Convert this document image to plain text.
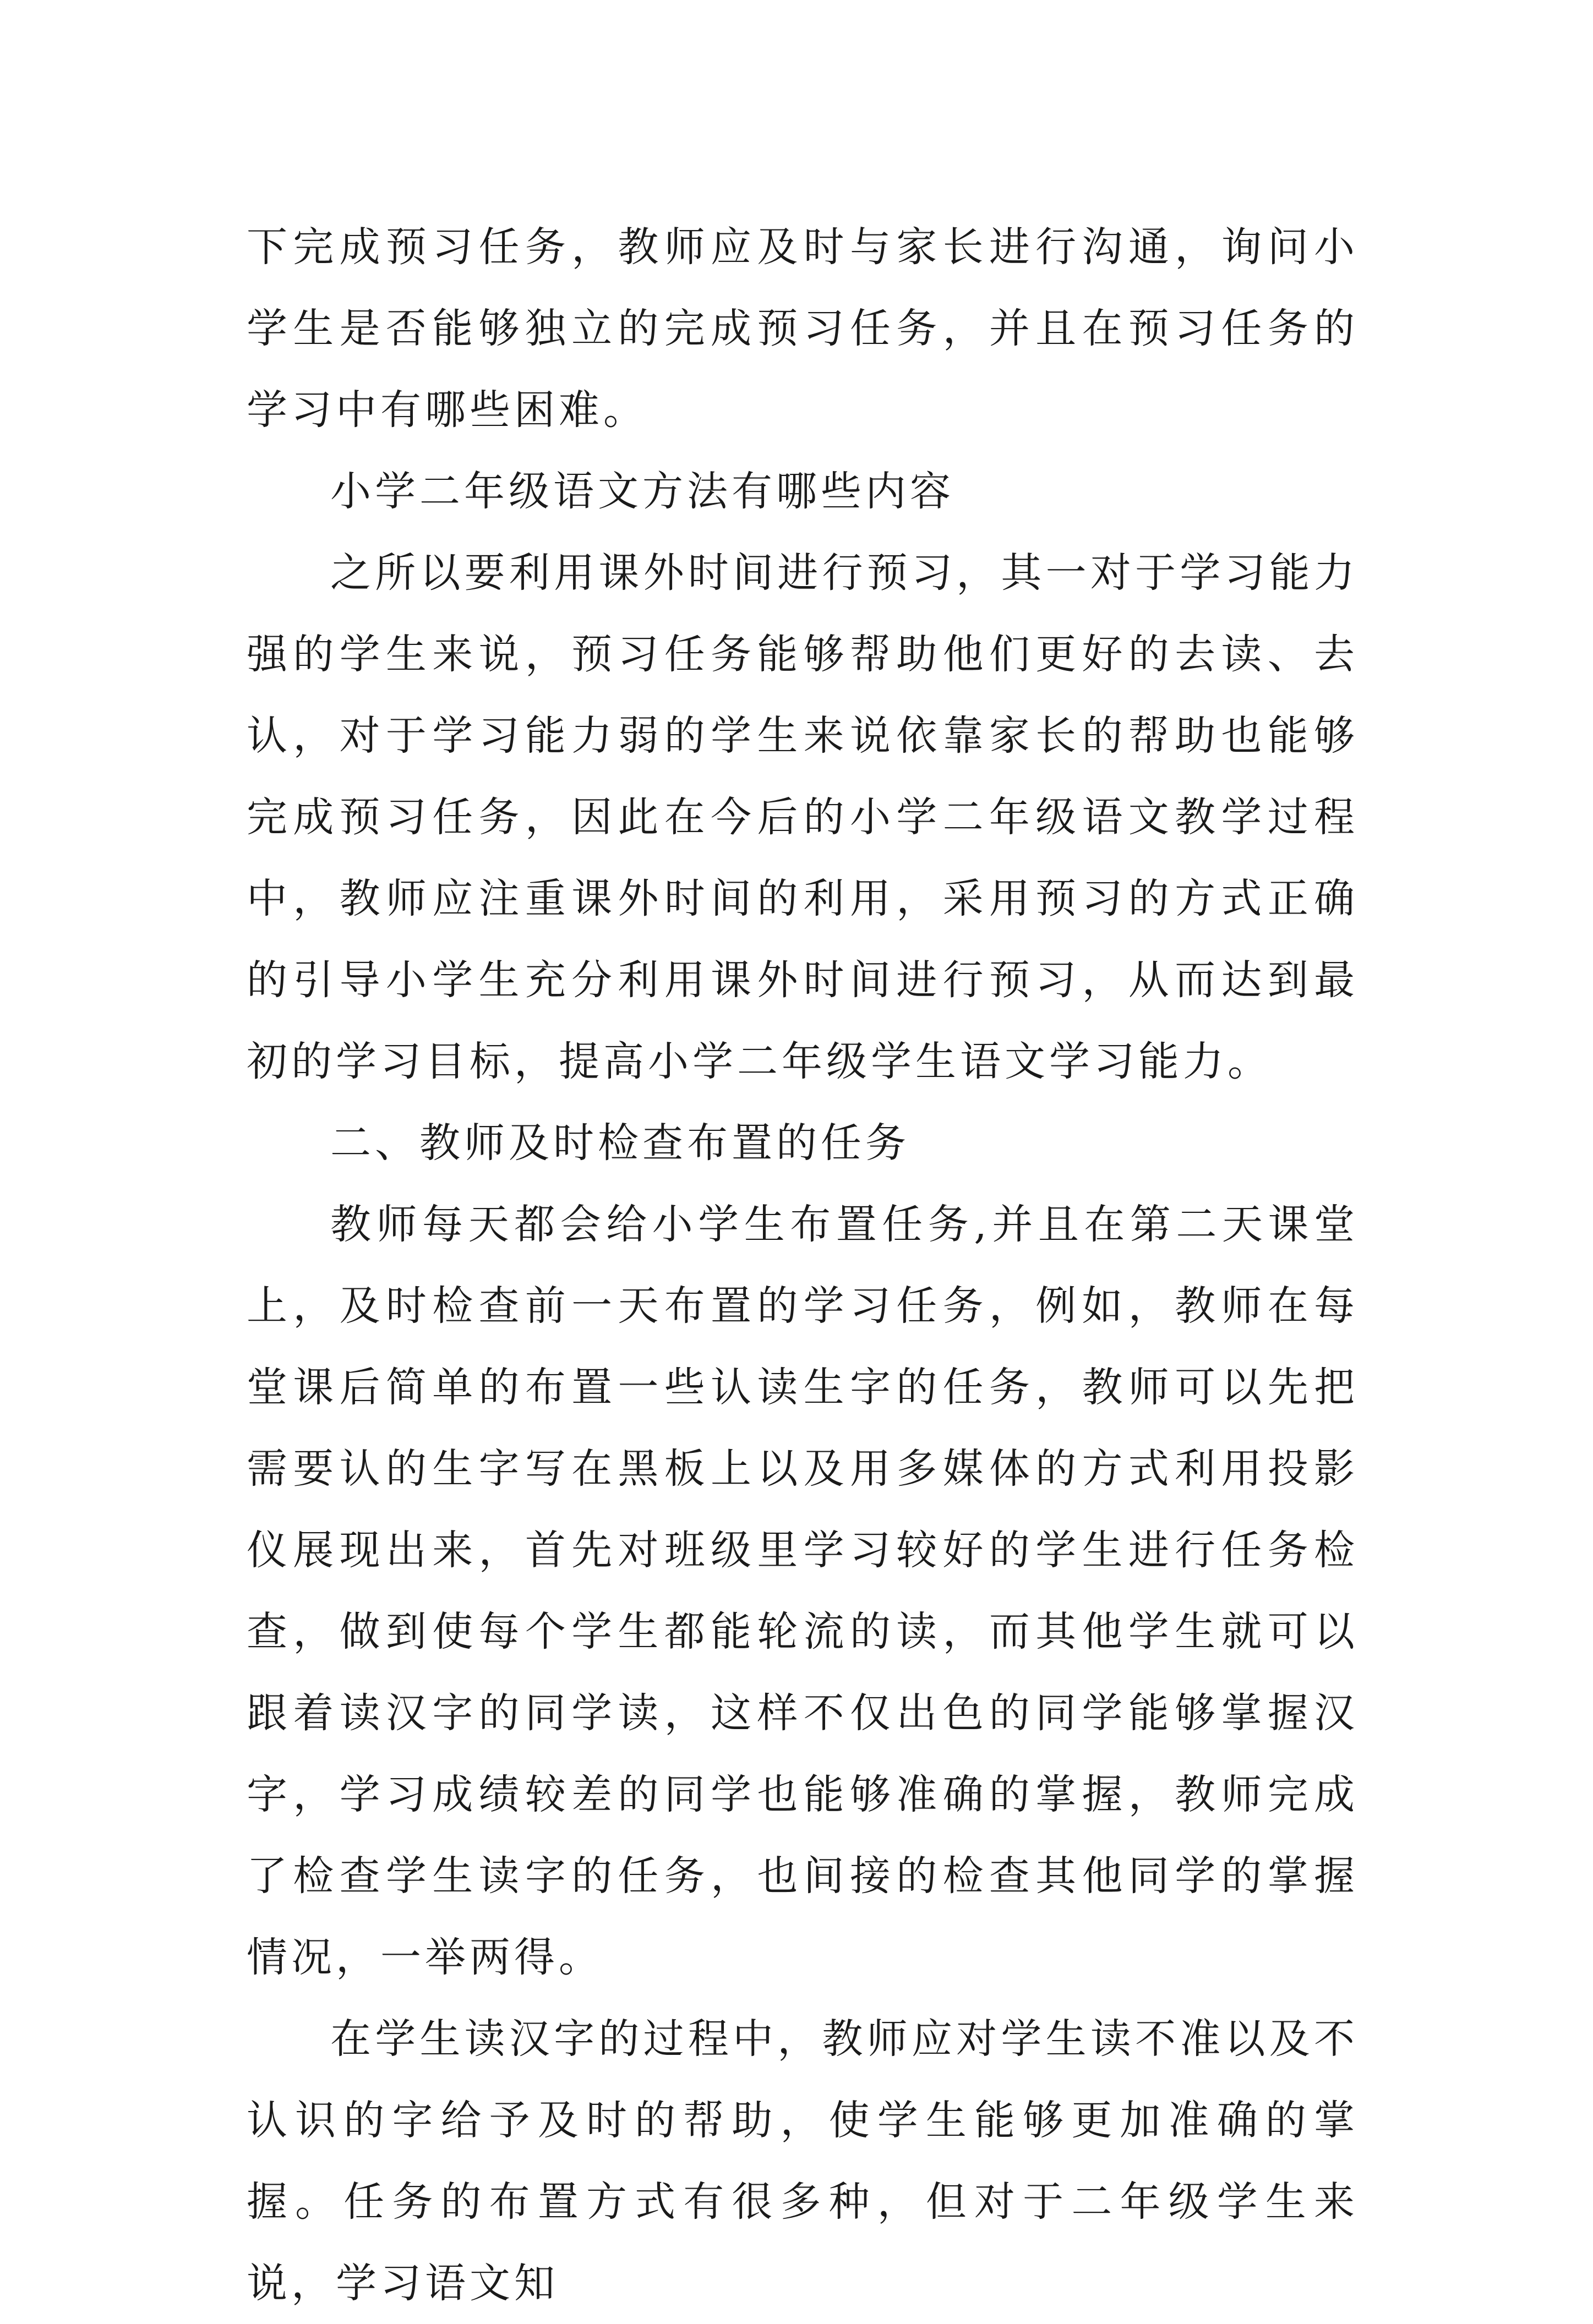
下完成预习任务，教师应及时与家长进行沟通，询问小学生是否能够独立的完成预习任务，并且在预习任务的学习中有哪些困难。

小学二年级语文方法有哪些内容

之所以要利用课外时间进行预习，其一对于学习能力强的学生来说，预习任务能够帮助他们更好的去读、去认，对于学习能力弱的学生来说依靠家长的帮助也能够完成预习任务，因此在今后的小学二年级语文教学过程中，教师应注重课外时间的利用，采用预习的方式正确的引导小学生充分利用课外时间进行预习，从而达到最初的学习目标，提高小学二年级学生语文学习能力。

二、教师及时检查布置的任务

教师每天都会给小学生布置任务,并且在第二天课堂上，及时检查前一天布置的学习任务，例如，教师在每堂课后简单的布置一些认读生字的任务，教师可以先把需要认的生字写在黑板上以及用多媒体的方式利用投影仪展现出来，首先对班级里学习较好的学生进行任务检查，做到使每个学生都能轮流的读，而其他学生就可以跟着读汉字的同学读，这样不仅出色的同学能够掌握汉字，学习成绩较差的同学也能够准确的掌握，教师完成了检查学生读字的任务，也间接的检查其他同学的掌握情况，一举两得。

在学生读汉字的过程中，教师应对学生读不准以及不认识的字给予及时的帮助，使学生能够更加准确的掌握。任务的布置方式有很多种，但对于二年级学生来说，学习语文知
